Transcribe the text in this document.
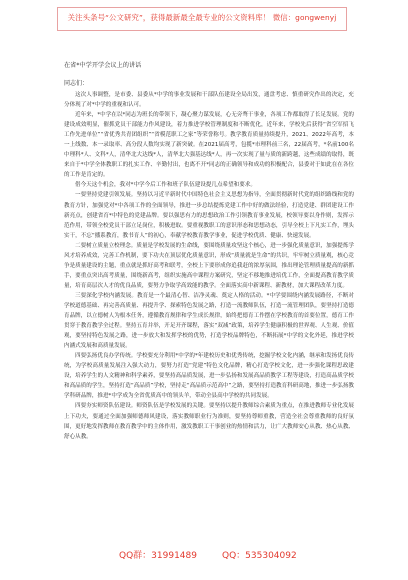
关注头条号“公文研究”，获得最新最全最专业的公文资料库！ 微信：gongwenyj
在省*中学开学会议上的讲话
同志们：

这次人事调整，是市委、县委从*中学的事业发展和干部队伍建设全局出发，通盘考虑、慎重研究作出的决定，充分体现了对*中学的重视和认可。

近年来，*中学在以*同志为班长的带领下，凝心聚力谋发展，心无旁骛干事业，各项工作都取得了长足发展。党的建设成效明显，催抓党员干部能力作风建设，着力推进学校管理制度和不断优化，近年来，学校先后获得“省空军招飞工作先进单位”“省优秀共青团组织”“省模范职工之家”等荣誉称号。教学教育质量持续提升，2021、2022年高考，本一上线数、本一录取率、高分段人数均实现了新突破。在2021届高考，包揽*市理科前三名，22届高考，*名前100名中理科*人、文科*人，清华北大达线*人，清华北大强基达线*人，再一次实现了量与质的新跨越，这些成绩的取得，既来自于*中学全体教职工的扎实工作、辛勤付出，也离不开*同志的正确领导和成功的积极配合，县委对于如此在在各位的工作是肯定的。

借今天这个机会，我对*中学今后工作和班子队伍建设提几点希望和要求。

一要坚持党建引领发展。坚持以习近平新时代中国特色社会主义思想为指导，全面贯彻新时代党的组织路线和党的教育方针，加强党对*中各项工作的全面领导，推进一步总结提炼党建工作中好的做法经验，打造党建、群团建设工作新亮点，创建省育*中特色的党建品牌。要以强思有力的思想政治工作引领教育事业发展，校领导要以身作则，发挥示范作用，带领全校党员干部立足岗位，积极进取。要重视教职工的意识形态和思想动态，引导全校上下凡实工作，埋头实干，不忘“播系教育，教书育人”的初心，奉献学校教育教学事业，促进学校优质、健康、快速发展。

二要树立质量立校理念。质量是学校发展的生命线，要围绕质量攻坚这个核心，进一步强化质量意识，加强提炼学风才培养成效，完善工作机制，要下功夫在顶层优化质量意识，形成“质量就是生命”的共识，牢牢树立质量观，核心竞争是质量建设的主题，重点就是抓好高考和联考，全校上下要形成你追我赶的浓厚氛围，推出理论管理质量提高的新抓手，要重点突出高考质量，围绕新高考，组织实施高中课程方案研究，坚定不移地推进培优工作，全面提高教育教学质量，培育高层次人才的优良品质，要努力争取学高效能的教学。全面落实高中新课程、新教材，加大课程改革力度。

三要深化学校内涵发展。教育是一个最清心智、洁净灵魂、奠定人格的活动。*中学要围绕内涵发展路径，不断对学校道德基础、再完善高质量、再提升学、探索特色发展之路，打造一流教师队伍，打造一流管理团队，要坚持打造德育品牌，以立德树人为根本任务，遵循教育规律和学生成长规律，始终把德育工作摆在学校教育的首要位置，德育工作贯穿于教育教学全过程。坚持五育并举，开足开齐课程，落实“双减”政策，培养学生健康积极的世界观、人生观、价值观，要坚持特色发展之路，进一步放大和发挥学校的优势，打造学校品牌特色，不断拓展*中学的文化外延，推进学校内涵式发展和高质量发展。

四要弘扬优良办学传统。学校要充分利用*中学的*年建校历史和优秀传统，挖掘学校文化内涵，继承和发扬优良传统，为学校高质量发展注入强大动力，要努力打造“党建”特色文化品牌，精心打造学校文化，进一步强化课程思政建设，培养学生的人文精神和科学素养，要坚持高品质发展，进一步弘扬和发展高品质教学工程等建设，打造高品质学校和高品质的学生，坚持打造“高品质”学校，坚持走“高品质示范高中”之路，要坚持打造教育科研高地，推进一步弘扬教学科研品牌，推进*中学成为全省优质高中的领头羊，带动全县高中学校的共同发展。

四要夯实师资队伍建设。师资队伍是学校发展的关键。要坚持以提升教师综合素质为重点，在推进教师专业化发展上下功夫，要通过全面加强师德师风建设，落实教师职业行为准则，要坚持尊师重教，营造全社会尊重教师的良好氛围，更好地发挥教师在教育教学中的主体作用，激发教职工干事创业的热情和活力，让广大教师安心从教、热心从教、舒心从教。

QQ群：31991489	QQ：535304092
